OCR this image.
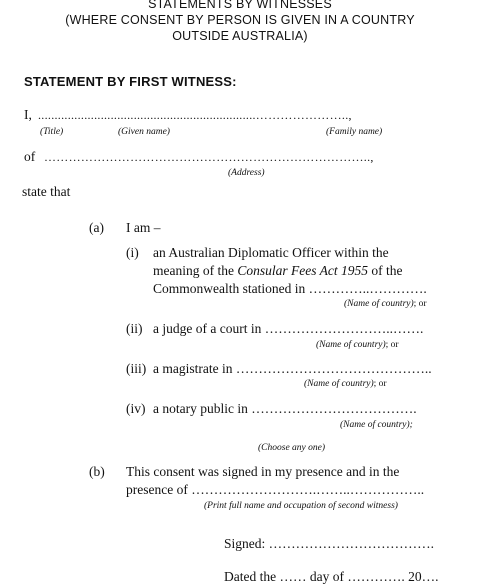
STATEMENTS BY WITNESSES
(WHERE CONSENT BY PERSON IS GIVEN IN A COUNTRY
OUTSIDE AUSTRALIA)
STATEMENT BY FIRST WITNESS:
I, ..................................................................…………………..,
(Title)	(Given name)	(Family name)
of ……………………………………………………………………..,
(Address)
state that
(a) I am –
(i) an Australian Diplomatic Officer within the
meaning of the Consular Fees Act 1955 of the
Commonwealth stationed in …………..………….
(Name of country); or
(ii) a judge of a court in ………………………..…….
(Name of country); or
(iii) a magistrate in ……………………………………..
(Name of country); or
(iv) a notary public in ……………………………….
(Name of country);
(Choose any one)
(b) This consent was signed in my presence and in the
presence of ……………………….……..……………..
(Print full name and occupation of second witness)
Signed: ……………………………….
Dated the …… day of …………. 20….
